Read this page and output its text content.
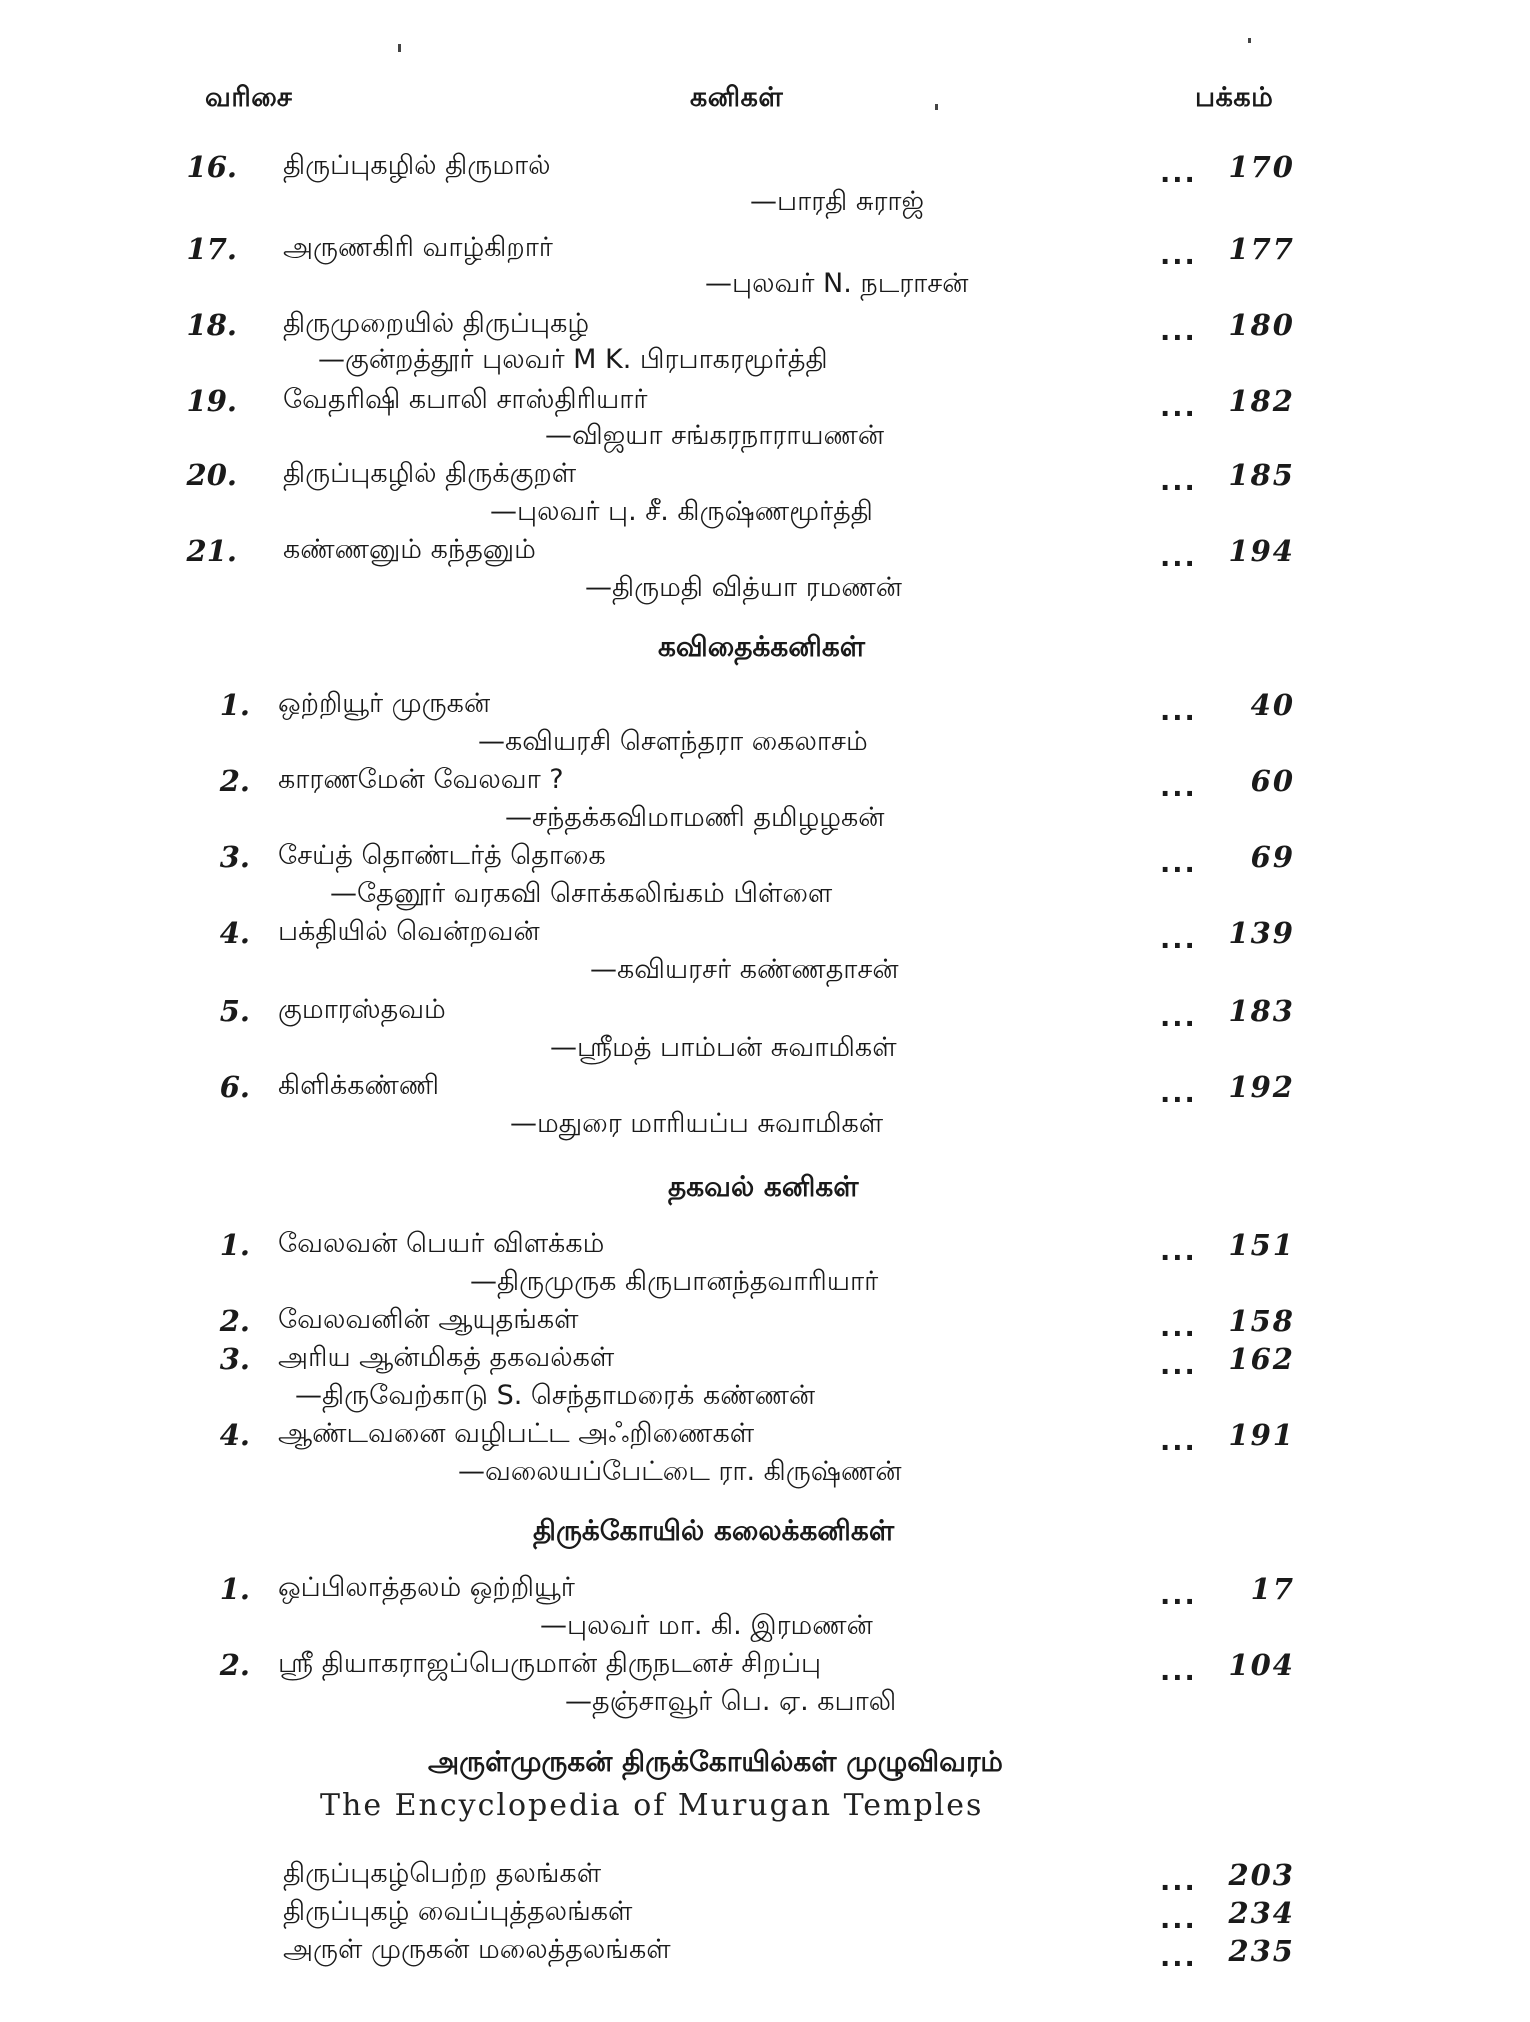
வரிசை	கனிகள்	பக்கம்
16. திருப்புகழில் திருமால்	... 170
—பாரதி சுராஜ்
17. அருணகிரி வாழ்கிறார்	... 177
—புலவர் N. நடராசன்
18. திருமுறையில் திருப்புகழ்	... 180
—குன்றத்தூர் புலவர் M K. பிரபாகரமூர்த்தி
19. வேதரிஷி கபாலி சாஸ்திரியார்	... 182
—விஜயா சங்கரநாராயணன்
20. திருப்புகழில் திருக்குறள்	... 185
—புலவர் பு. சீ. கிருஷ்ணமூர்த்தி
21. கண்ணனும் கந்தனும்	... 194
—திருமதி வித்யா ரமணன்
கவிதைக்கனிகள்
1. ஒற்றியூர் முருகன்	... 40
—கவியரசி சௌந்தரா கைலாசம்
2. காரணமேன் வேலவா ?	... 60
—சந்தக்கவிமாமணி தமிழழகன்
3. சேய்த் தொண்டர்த் தொகை	... 69
—தேனூர் வரகவி சொக்கலிங்கம் பிள்ளை
4. பக்தியில் வென்றவன்	... 139
—கவியரசர் கண்ணதாசன்
5. குமாரஸ்தவம்	... 183
—ஸ்ரீமத் பாம்பன் சுவாமிகள்
6. கிளிக்கண்ணி	... 192
—மதுரை மாரியப்ப சுவாமிகள்
தகவல் கனிகள்
1. வேலவன் பெயர் விளக்கம்	... 151
—திருமுருக கிருபானந்தவாரியார்
2. வேலவனின் ஆயுதங்கள்	... 158
3. அரிய ஆன்மிகத் தகவல்கள்	... 162
—திருவேற்காடு S. செந்தாமரைக் கண்ணன்
4. ஆண்டவனை வழிபட்ட அஃறிணைகள்	... 191
—வலையப்பேட்டை ரா. கிருஷ்ணன்
திருக்கோயில் கலைக்கனிகள்
1. ஒப்பிலாத்தலம் ஒற்றியூர்	... 17
—புலவர் மா. கி. இரமணன்
2. ஸ்ரீ தியாகராஜப்பெருமான் திருநடனச் சிறப்பு	... 104
—தஞ்சாவூர் பெ. ஏ. கபாலி
அருள்முருகன் திருக்கோயில்கள் முழுவிவரம்
The Encyclopedia of Murugan Temples
திருப்புகழ்பெற்ற தலங்கள்	... 203
திருப்புகழ் வைப்புத்தலங்கள்	... 234
அருள் முருகன் மலைத்தலங்கள்	... 235
